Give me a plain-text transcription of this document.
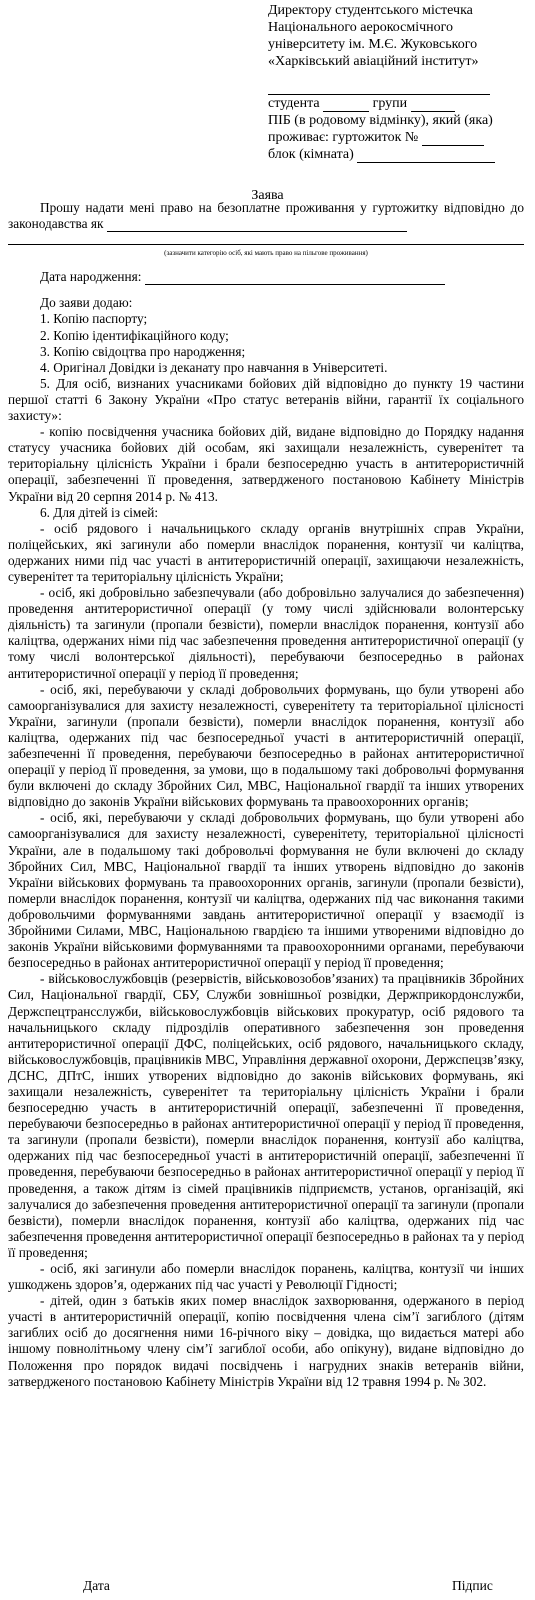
Директору студентського містечка
Національного аерокосмічного
університету ім. М.Є. Жуковського
«Харківський авіаційний інститут»
студента	групи
ПІБ (в родовому відмінку), який (яка)
проживає: гуртожиток №
блок (кімната)
Заява

Прошу надати мені право на безоплатне проживання у гуртожитку відповідно до законодавства як

(зазначити категорію осіб, які мають право на пільгове проживання)

Дата народження:

До заяви додаю:

1. Копію паспорту;

2. Копію ідентифікаційного коду;

3. Копію свідоцтва про народження;

4. Оригінал Довідки із деканату про навчання в Університеті.

5. Для осіб, визнаних учасниками бойових дій відповідно до пункту 19 частини першої статті 6 Закону України «Про статус ветеранів війни, гарантії їх соціального захисту»:

- копію посвідчення учасника бойових дій, видане відповідно до Порядку надання статусу учасника бойових дій особам, які захищали незалежність, суверенітет та територіальну цілісність України і брали безпосередню участь в антитерористичній операції, забезпеченні її проведення, затвердженого постановою Кабінету Міністрів України від 20 серпня 2014 р. № 413.

6. Для дітей із сімей:

- осіб рядового і начальницького складу органів внутрішніх справ України, поліцейських, які загинули або померли внаслідок поранення, контузії чи каліцтва, одержаних ними під час участі в антитерористичній операції, захищаючи незалежність, суверенітет та територіальну цілісність України;

- осіб, які добровільно забезпечували (або добровільно залучалися до забезпечення) проведення антитерористичної операції (у тому числі здійснювали волонтерську діяльність) та загинули (пропали безвісти), померли внаслідок поранення, контузії або каліцтва, одержаних німи під час забезпечення проведення антитерористичної операції (у тому числі волонтерської діяльності), перебуваючи безпосередньо в районах антитерористичної операції у період її проведення;

- осіб, які, перебуваючи у складі добровольчих формувань, що були утворені або самоорганізувалися для захисту незалежності, суверенітету та територіальної цілісності України, загинули (пропали безвісти), померли внаслідок поранення, контузії або каліцтва, одержаних під час безпосередньої участі в антитерористичній операції, забезпеченні її проведення, перебуваючи безпосередньо в районах антитерористичної операції у період її проведення, за умови, що в подальшому такі добровольчі формування були включені до складу Збройних Сил, МВС, Національної гвардії та інших утворених відповідно до законів України військових формувань та правоохоронних органів;

- осіб, які, перебуваючи у складі добровольчих формувань, що були утворені або самоорганізувалися для захисту незалежності, суверенітету, територіальної цілісності України, але в подальшому такі добровольчі формування не були включені до складу Збройних Сил, МВС, Національної гвардії та інших утворень відповідно до законів України військових формувань та правоохоронних органів, загинули (пропали безвісти), померли внаслідок поранення, контузії чи каліцтва, одержаних під час виконання такими добровольчими формуваннями завдань антитерористичної операції у взаємодії із Збройними Силами, МВС, Національною гвардією та іншими утвореними відповідно до законів України військовими формуваннями та правоохоронними органами, перебуваючи безпосередньо в районах антитерористичної операції у період її проведення;

- військовослужбовців (резервістів, військовозобов’язаних) та працівників Збройних Сил, Національної гвардії, СБУ, Служби зовнішньої розвідки, Держприкордонслужби, Держспецтрансслужби, військовослужбовців військових прокуратур, осіб рядового та начальницького складу підрозділів оперативного забезпечення зон проведення антитерористичної операції ДФС, поліцейських, осіб рядового, начальницького складу, військовослужбовців, працівників МВС, Управління державної охорони, Держспецзв’язку, ДСНС, ДПтС, інших утворених відповідно до законів військових формувань, які захищали незалежність, суверенітет та територіальну цілісність України і брали безпосередню участь в антитерористичній операції, забезпеченні її проведення, перебуваючи безпосередньо в районах антитерористичної операції у період її проведення, та загинули (пропали безвісти), померли внаслідок поранення, контузії або каліцтва, одержаних під час безпосередньої участі в антитерористичній операції, забезпеченні її проведення, перебуваючи безпосередньо в районах антитерористичної операції у період її проведення, а також дітям із сімей працівників підприємств, установ, організацій, які залучалися до забезпечення проведення антитерористичної операції та загинули (пропали безвісти), померли внаслідок поранення, контузії або каліцтва, одержаних під час забезпечення проведення антитерористичної операції безпосередньо в районах та у період її проведення;

- осіб, які загинули або померли внаслідок поранень, каліцтва, контузії чи інших ушкоджень здоров’я, одержаних під час участі у Революції Гідності;

- дітей, один з батьків яких помер внаслідок захворювання, одержаного в період участі в антитерористичній операції, копію посвідчення члена сім’ї загиблого (дітям загиблих осіб до досягнення ними 16-річного віку – довідка, що видається матері або іншому повнолітньому члену сім’ї загиблої особи, або опікуну), видане відповідно до Положення про порядок видачі посвідчень і нагрудних знаків ветеранів війни, затвердженого постановою Кабінету Міністрів України від 12 травня 1994 р. № 302.

Дата	Підпис
